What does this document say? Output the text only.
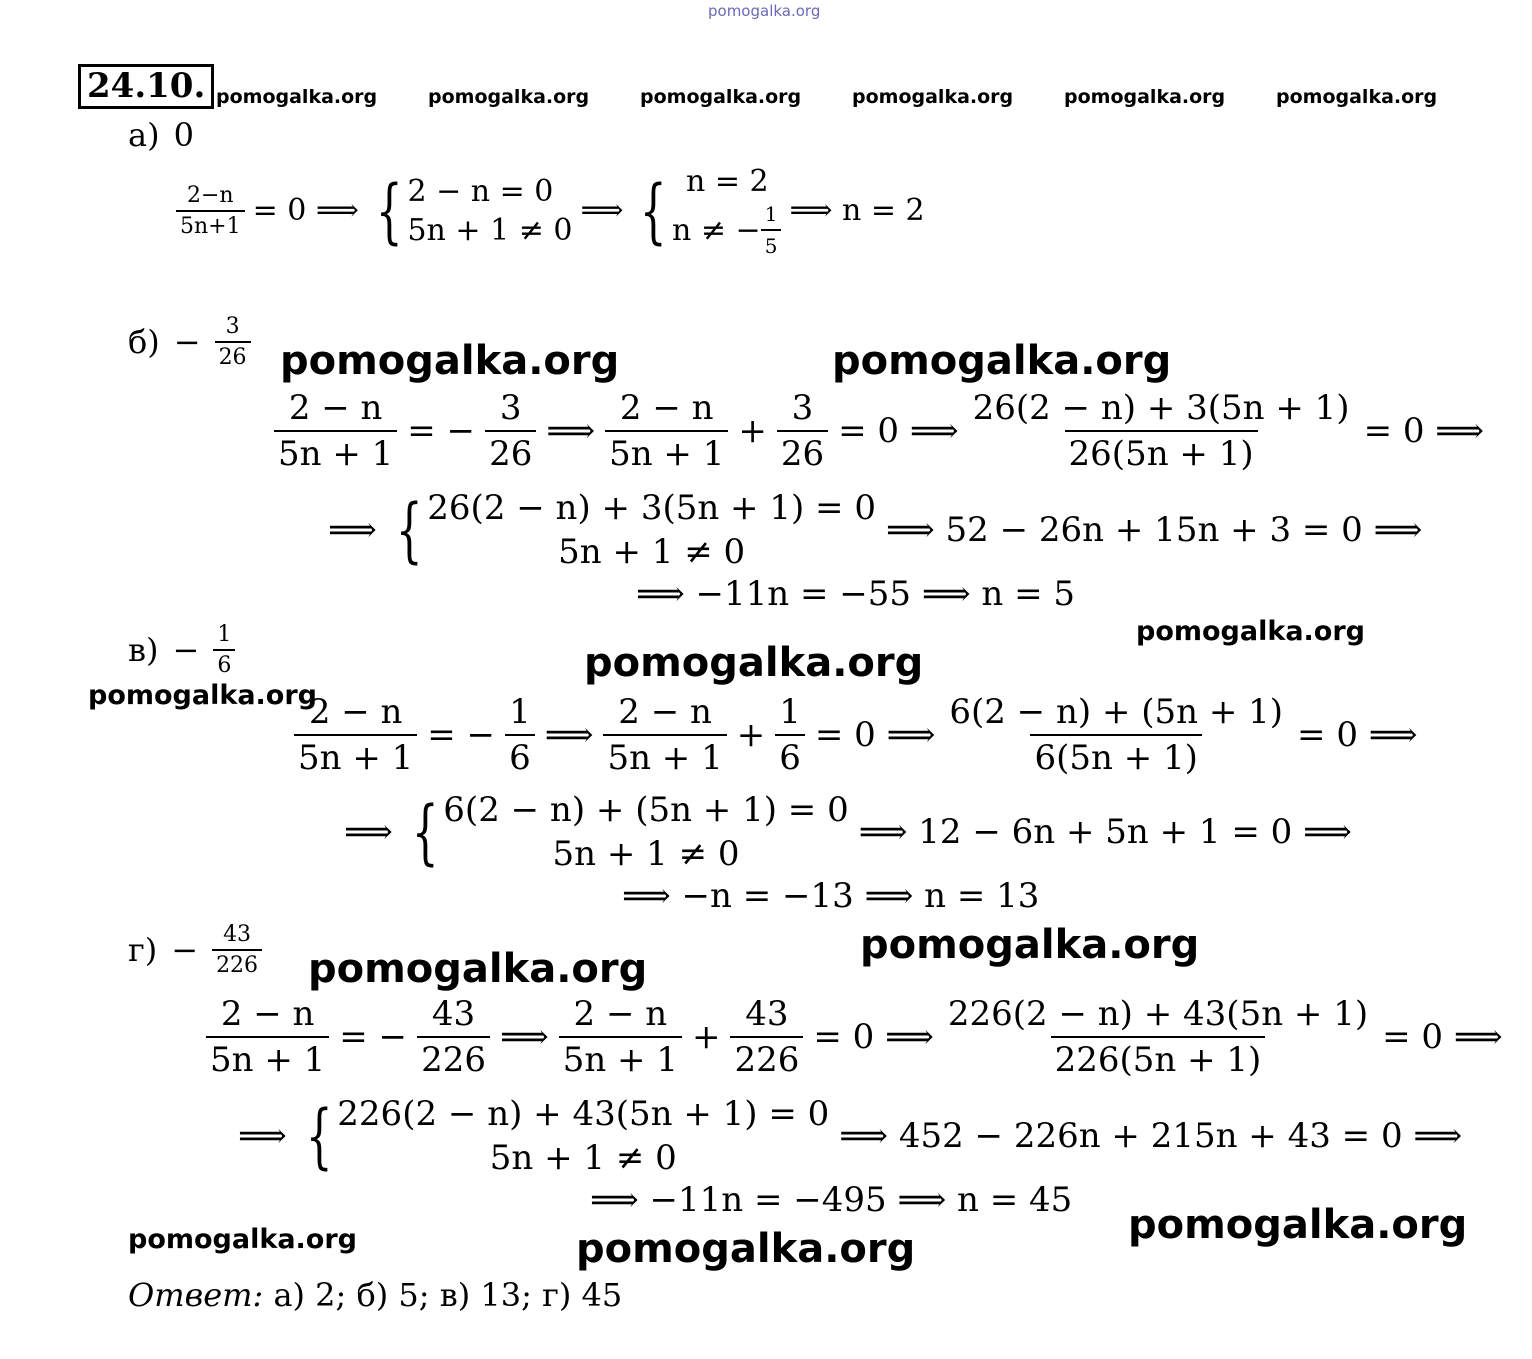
pomogalka.org
24.10. pomogalka.org	pomogalka.org	pomogalka.org	pomogalka.org	pomogalka.org	pomogalka.org
а) 0
$\frac{2-n}{5n+1} = 0$ ⟹ { 2 − n = 0
5n + 1 ≠ 0
⟹ { n = 2
n ≠ − $\frac{1}{5}$ ⟹ n = 2
$б) - \frac{3}{26}$ pomogalka.org	pomogalka.org
$\frac{2 - n}{5n + 1}$ = − $\frac{3}{26}$ ⟹ $\frac{2 - n}{5n + 1} + \frac{3}{26} = 0$ ⟹ $\frac{26(2 - n) + 3(5n + 1)}{26(5n + 1)} = 0$ ⟹
⟹ { 26(2 − n) + 3(5n + 1) = 0
5n + 1 ≠ 0
⟹ 52 − 26n + 15n + 3 = 0 ⟹
⟹ −11n = −55 ⟹ n = 5
$в) - \frac{1}{6}$	pomogalka.org
pomogalka.org
pomogalka.org
$\frac{2 - n}{5n + 1}$ = − $\frac{1}{6}$ ⟹ $\frac{2 - n}{5n + 1} + \frac{1}{6} = 0$ ⟹ $\frac{6(2 - n) + (5n + 1)}{6(5n + 1)} = 0$ ⟹
⟹ { 6(2 − n) + (5n + 1) = 0
5n + 1 ≠ 0
⟹ 12 − 6n + 5n + 1 = 0 ⟹
⟹ −n = −13 ⟹ n = 13
$г) - \frac{43}{226}$	pomogalka.org
pomogalka.org
$\frac{2 - n}{5n + 1}$ = − $\frac{43}{226}$ ⟹ $\frac{2 - n}{5n + 1} + \frac{43}{226} = 0$ ⟹ $\frac{226(2 - n) + 43(5n + 1)}{226(5n + 1)} = 0$ ⟹
⟹ { 226(2 − n) + 43(5n + 1) = 0
5n + 1 ≠ 0
⟹ 452 − 226n + 215n + 43 = 0 ⟹
⟹ −11n = −495 ⟹ n = 45
pomogalka.org
pomogalka.org	pomogalka.org
Ответ: а) 2; б) 5; в) 13; г) 45
